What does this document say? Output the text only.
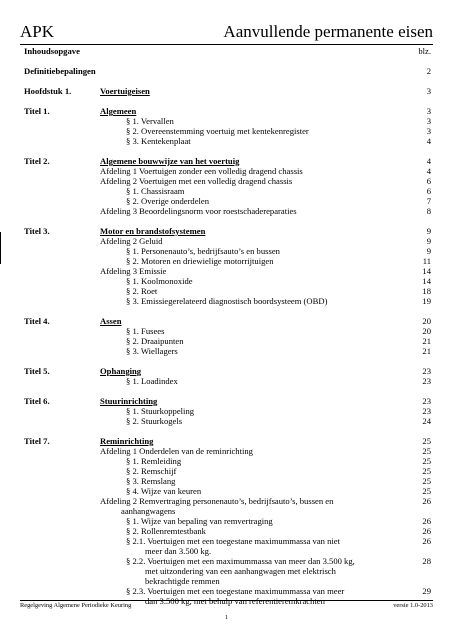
APK	Aanvullende permanente eisen
Inhoudsopgave	blz.
Definitiebepalingen	2
Hoofdstuk 1.	Voertuigeisen	3
Titel 1.	Algemeen	3
§ 1. Vervallen	3
§ 2. Overeenstemming voertuig met kentekenregister	3
§ 3. Kentekenplaat	4
Titel 2.	Algemene bouwwijze van het voertuig	4
Afdeling 1 Voertuigen zonder een volledig dragend chassis	4
Afdeling 2 Voertuigen met een volledig dragend chassis	6
§ 1. Chassisraam	6
§ 2. Overige onderdelen	7
Afdeling 3 Beoordelingsnorm voor roestschadereparaties	8
Titel 3.	Motor en brandstofsystemen	9
Afdeling 2 Geluid	9
§ 1. Personenauto’s, bedrijfsauto’s en bussen	9
§ 2. Motoren en driewielige motorrijtuigen	11
Afdeling 3 Emissie	14
§ 1. Koolmonoxide	14
§ 2. Roet	18
§ 3. Emissiegerelateerd diagnostisch boordsysteem (OBD)	19
Titel 4.	Assen	20
§ 1. Fusees	20
§ 2. Draaipunten	21
§ 3. Wiellagers	21
Titel 5.	Ophanging	23
§ 1. Loadindex	23
Titel 6.	Stuurinrichting	23
§ 1. Stuurkoppeling	23
§ 2. Stuurkogels	24
Titel 7.	Reminrichting	25
Afdeling 1 Onderdelen van de reminrichting	25
§ 1. Remleiding	25
§ 2. Remschijf	25
§ 3. Remslang	25
§ 4. Wijze van keuren	25
Afdeling 2 Remvertraging personenauto’s, bedrijfsauto’s, bussen en	26
aanhangwagens
§ 1. Wijze van bepaling van remvertraging	26
§ 2. Rollenremtestbank	26
§ 2.1. Voertuigen met een toegestane maximummassa van niet	26
meer dan 3.500 kg.
§ 2.2. Voertuigen met een maximummassa van meer dan 3.500 kg,	28
met uitzondering van een aanhangwagen met elektrisch
bekrachtigde remmen
§ 2.3. Voertuigen met een toegestane maximummassa van meer	29
dan 3.500 kg, met behulp van referentieremkrachten
Regelgeving Algemene Periodieke Keuring	versie 1.0-2013
1
